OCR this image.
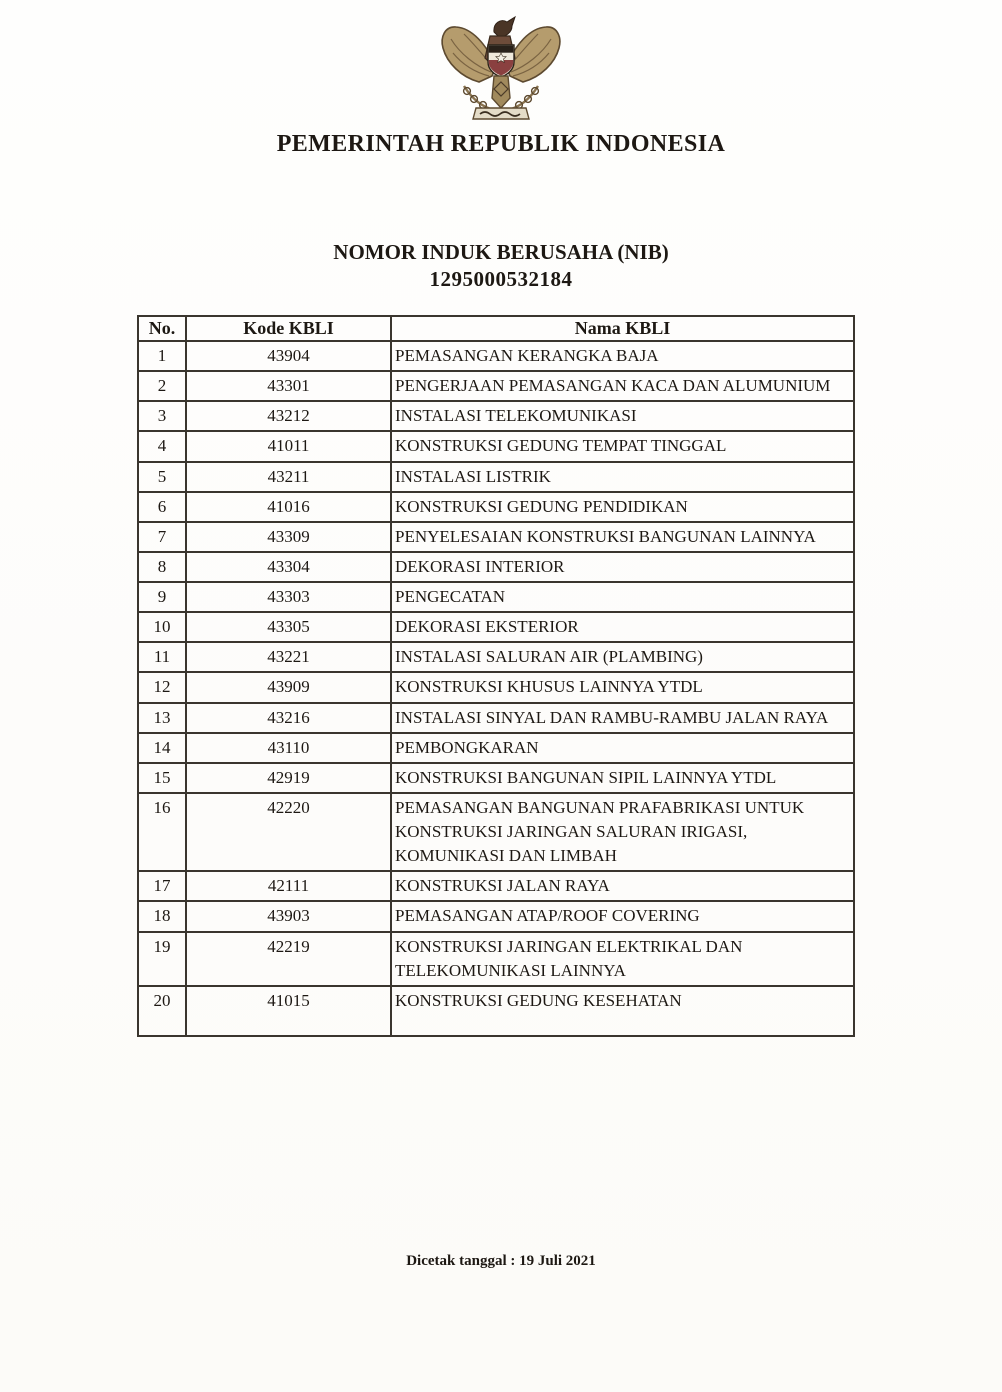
PEMERINTAH REPUBLIK INDONESIA
NOMOR INDUK BERUSAHA (NIB)
1295000532184
No.	Kode KBLI	Nama KBLI
1	43904	PEMASANGAN KERANGKA BAJA
2	43301	PENGERJAAN PEMASANGAN KACA DAN ALUMUNIUM
3	43212	INSTALASI TELEKOMUNIKASI
4	41011	KONSTRUKSI GEDUNG TEMPAT TINGGAL
5	43211	INSTALASI LISTRIK
6	41016	KONSTRUKSI GEDUNG PENDIDIKAN
7	43309	PENYELESAIAN KONSTRUKSI BANGUNAN LAINNYA
8	43304	DEKORASI INTERIOR
9	43303	PENGECATAN
10	43305	DEKORASI EKSTERIOR
11	43221	INSTALASI SALURAN AIR (PLAMBING)
12	43909	KONSTRUKSI KHUSUS LAINNYA YTDL
13	43216	INSTALASI SINYAL DAN RAMBU-RAMBU JALAN RAYA
14	43110	PEMBONGKARAN
15	42919	KONSTRUKSI BANGUNAN SIPIL LAINNYA YTDL
16	42220	PEMASANGAN BANGUNAN PRAFABRIKASI UNTUK KONSTRUKSI JARINGAN SALURAN IRIGASI, KOMUNIKASI DAN LIMBAH
17	42111	KONSTRUKSI JALAN RAYA
18	43903	PEMASANGAN ATAP/ROOF COVERING
19	42219	KONSTRUKSI JARINGAN ELEKTRIKAL DAN TELEKOMUNIKASI LAINNYA
20	41015	KONSTRUKSI GEDUNG KESEHATAN
Dicetak tanggal : 19 Juli 2021
